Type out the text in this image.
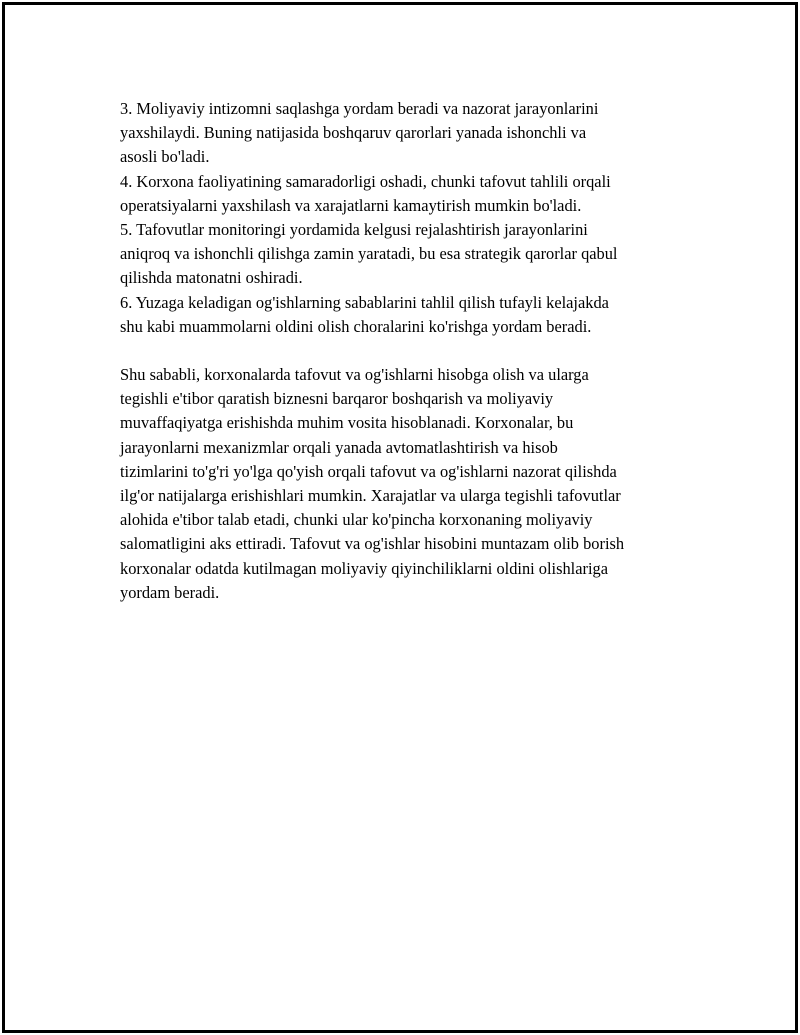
3. Moliyaviy intizomni saqlashga yordam beradi va nazorat jarayonlarini
yaxshilaydi. Buning natijasida boshqaruv qarorlari yanada ishonchli va
asosli bo'ladi.
4. Korxona faoliyatining samaradorligi oshadi, chunki tafovut tahlili orqali
operatsiyalarni yaxshilash va xarajatlarni kamaytirish mumkin bo'ladi.
5. Tafovutlar monitoringi yordamida kelgusi rejalashtirish jarayonlarini
aniqroq va ishonchli qilishga zamin yaratadi, bu esa strategik qarorlar qabul
qilishda matonatni oshiradi.
6. Yuzaga keladigan og'ishlarning sabablarini tahlil qilish tufayli kelajakda
shu kabi muammolarni oldini olish choralarini ko'rishga yordam beradi.
Shu sababli, korxonalarda tafovut va og'ishlarni hisobga olish va ularga
tegishli e'tibor qaratish biznesni barqaror boshqarish va moliyaviy
muvaffaqiyatga erishishda muhim vosita hisoblanadi. Korxonalar, bu
jarayonlarni mexanizmlar orqali yanada avtomatlashtirish va hisob
tizimlarini to'g'ri yo'lga qo'yish orqali tafovut va og'ishlarni nazorat qilishda
ilg'or natijalarga erishishlari mumkin. Xarajatlar va ularga tegishli tafovutlar
alohida e'tibor talab etadi, chunki ular ko'pincha korxonaning moliyaviy
salomatligini aks ettiradi. Tafovut va og'ishlar hisobini muntazam olib borish
korxonalar odatda kutilmagan moliyaviy qiyinchiliklarni oldini olishlariga
yordam beradi.
